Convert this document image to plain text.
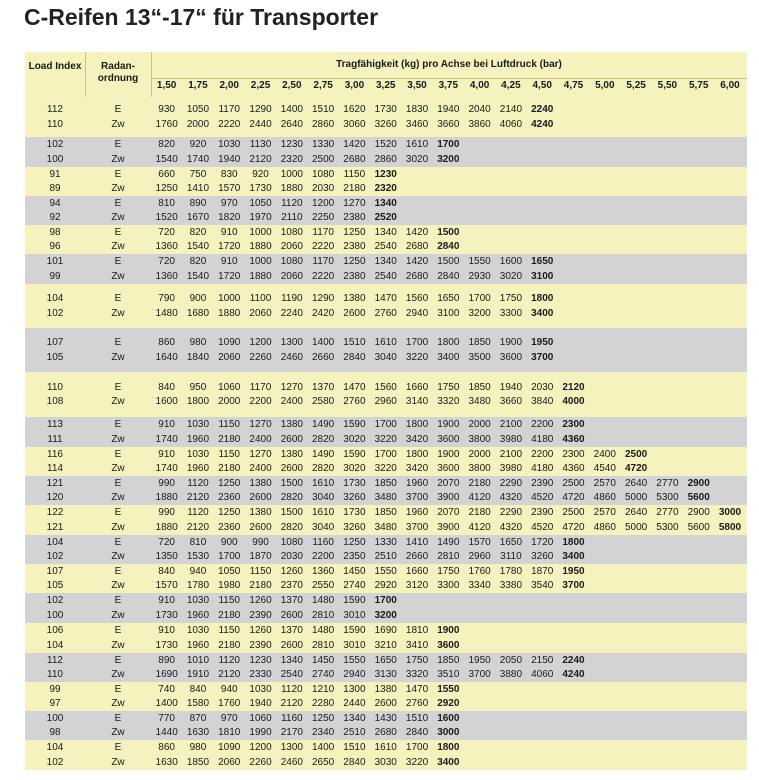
C-Reifen 13“-17“ für Transporter
Load Index	Radan-
ordnung
Tragfähigkeit (kg) pro Achse bei Luftdruck (bar)
1,50	1,75	2,00	2,25	2,50	2,75	3,00	3,25	3,50	3,75	4,00	4,25	4,50	4,75	5,00	5,25	5,50	5,75	6,00
112	E	930	1050 1170 1290 1400 1510 1620 1730 1830 1940 2040 2140 2240
110	Zw	1760 2000 2220 2440 2640 2860 3060 3260 3460 3660 3860 4060 4240
102	E	820	920	1030 1130 1230 1330 1420 1520 1610 1700
100	Zw	1540 1740 1940 2120 2320 2500 2680 2860 3020 3200
91	E	660	750	830	920	1000 1080 1150 1230
89	Zw	1250 1410 1570 1730 1880 2030 2180 2320
94	E	810	890	970	1050 1120 1200 1270 1340
92	Zw	1520 1670 1820 1970 2110 2250 2380 2520
98	E	720	820	910	1000 1080 1170 1250 1340 1420 1500
96	Zw	1360 1540 1720 1880 2060 2220 2380 2540 2680 2840
101	E	720	820	910	1000 1080 1170 1250 1340 1420 1500 1550 1600 1650
99	Zw	1360 1540 1720 1880 2060 2220 2380 2540 2680 2840 2930 3020 3100
104	E	790	900	1000 1100 1190 1290 1380 1470 1560 1650 1700 1750 1800
102	Zw	1480 1680 1880 2060 2240 2420 2600 2760 2940 3100 3200 3300 3400
107	E	860	980	1090 1200 1300 1400 1510 1610 1700 1800 1850 1900 1950
105	Zw	1640 1840 2060 2260 2460 2660 2840 3040 3220 3400 3500 3600 3700
110	E	840	950	1060 1170 1270 1370 1470 1560 1660 1750 1850 1940 2030 2120
108	Zw	1600 1800 2000 2200 2400 2580 2760 2960 3140 3320 3480 3660 3840 4000
113	E	910	1030 1150 1270 1380 1490 1590 1700 1800 1900 2000 2100 2200 2300
111	Zw	1740 1960 2180 2400 2600 2820 3020 3220 3420 3600 3800 3980 4180 4360
116	E	910	1030 1150 1270 1380 1490 1590 1700 1800 1900 2000 2100 2200 2300 2400 2500
114	Zw	1740 1960 2180 2400 2600 2820 3020 3220 3420 3600 3800 3980 4180 4360 4540 4720
121	E	990	1120 1250 1380 1500 1610 1730 1850 1960 2070 2180 2290 2390 2500 2570 2640 2770 2900
120	Zw	1880 2120 2360 2600 2820 3040 3260 3480 3700 3900 4120 4320 4520 4720 4860 5000 5300 5600
122	E	990	1120 1250 1380 1500 1610 1730 1850 1960 2070 2180 2290 2390 2500 2570 2640 2770 2900 3000
121	Zw	1880 2120 2360 2600 2820 3040 3260 3480 3700 3900 4120 4320 4520 4720 4860 5000 5300 5600 5800
104	E	720	810	900	990	1080 1160 1250 1330 1410 1490 1570 1650 1720 1800
102	Zw	1350 1530 1700 1870 2030 2200 2350 2510 2660 2810 2960 3110 3260 3400
107	E	840	940	1050 1150 1260 1360 1450 1550 1660 1750 1760 1780 1870 1950
105	Zw	1570 1780 1980 2180 2370 2550 2740 2920 3120 3300 3340 3380 3540 3700
102	E	910	1030 1150 1260 1370 1480 1590 1700
100	Zw	1730 1960 2180 2390 2600 2810 3010 3200
106	E	910	1030 1150 1260 1370 1480 1590 1690 1810 1900
104	Zw	1730 1960 2180 2390 2600 2810 3010 3210 3410 3600
112	E	890	1010 1120 1230 1340 1450 1550 1650 1750 1850 1950 2050 2150 2240
110	Zw	1690 1910 2120 2330 2540 2740 2940 3130 3320 3510 3700 3880 4060 4240
99	E	740	840	940	1030 1120 1210 1300 1380 1470 1550
97	Zw	1400 1580 1760 1940 2120 2280 2440 2600 2760 2920
100	E	770	870	970	1060 1160 1250 1340 1430 1510 1600
98	Zw	1440 1630 1810 1990 2170 2340 2510 2680 2840 3000
104	E	860	980	1090 1200 1300 1400 1510 1610 1700 1800
102	Zw	1630 1850 2060 2260 2460 2650 2840 3030 3220 3400
